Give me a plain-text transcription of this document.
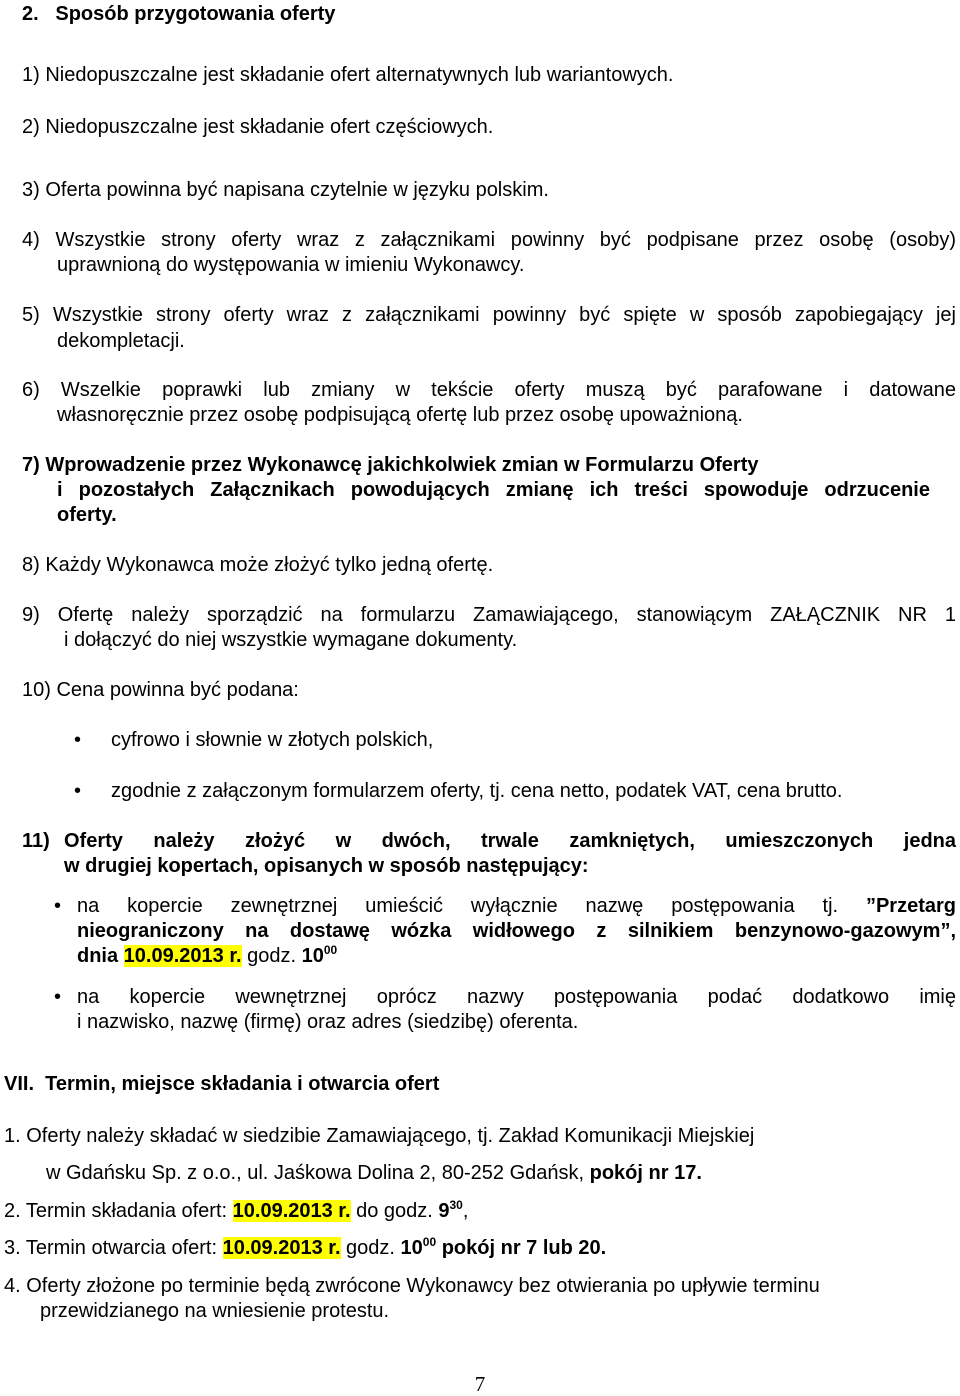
2. Sposób przygotowania oferty
1) Niedopuszczalne jest składanie ofert alternatywnych lub wariantowych.
2) Niedopuszczalne jest składanie ofert częściowych.
3) Oferta powinna być napisana czytelnie w języku polskim.
4) Wszystkie strony oferty wraz z załącznikami powinny być podpisane przez osobę (osoby)
uprawnioną do występowania w imieniu Wykonawcy.
5) Wszystkie strony oferty wraz z załącznikami powinny być spięte w sposób zapobiegający jej
dekompletacji.
6) Wszelkie poprawki lub zmiany w tekście oferty muszą być parafowane i datowane
własnoręcznie przez osobę podpisującą ofertę lub przez osobę upoważnioną.
7) Wprowadzenie przez Wykonawcę jakichkolwiek zmian w Formularzu Oferty
i pozostałych Załącznikach powodujących zmianę ich treści spowoduje odrzucenie
oferty.
8) Każdy Wykonawca może złożyć tylko jedną ofertę.
9) Ofertę należy sporządzić na formularzu Zamawiającego, stanowiącym ZAŁĄCZNIK NR 1
i dołączyć do niej wszystkie wymagane dokumenty.
10) Cena powinna być podana:
• cyfrowo i słownie w złotych polskich,
• zgodnie z załączonym formularzem oferty, tj. cena netto, podatek VAT, cena brutto.
11) Oferty należy złożyć w dwóch, trwale zamkniętych, umieszczonych jedna
w drugiej kopertach, opisanych w sposób następujący:
• na kopercie zewnętrznej umieścić wyłącznie nazwę postępowania tj. ”Przetarg
nieograniczony na dostawę wózka widłowego z silnikiem benzynowo-gazowym”,
dnia 10.09.2013 r. godz. $10^{00}$
• na kopercie wewnętrznej oprócz nazwy postępowania podać dodatkowo imię
i nazwisko, nazwę (firmę) oraz adres (siedzibę) oferenta.
VII. Termin, miejsce składania i otwarcia ofert
1. Oferty należy składać w siedzibie Zamawiającego, tj. Zakład Komunikacji Miejskiej
w Gdańsku Sp. z o.o., ul. Jaśkowa Dolina 2, 80-252 Gdańsk, pokój nr 17.
2. Termin składania ofert: 10.09.2013 r. do godz. $9^{30}$,
3. Termin otwarcia ofert: 10.09.2013 r. godz. $10^{00}$ pokój nr 7 lub 20.
4. Oferty złożone po terminie będą zwrócone Wykonawcy bez otwierania po upływie terminu
przewidzianego na wniesienie protestu.
7
